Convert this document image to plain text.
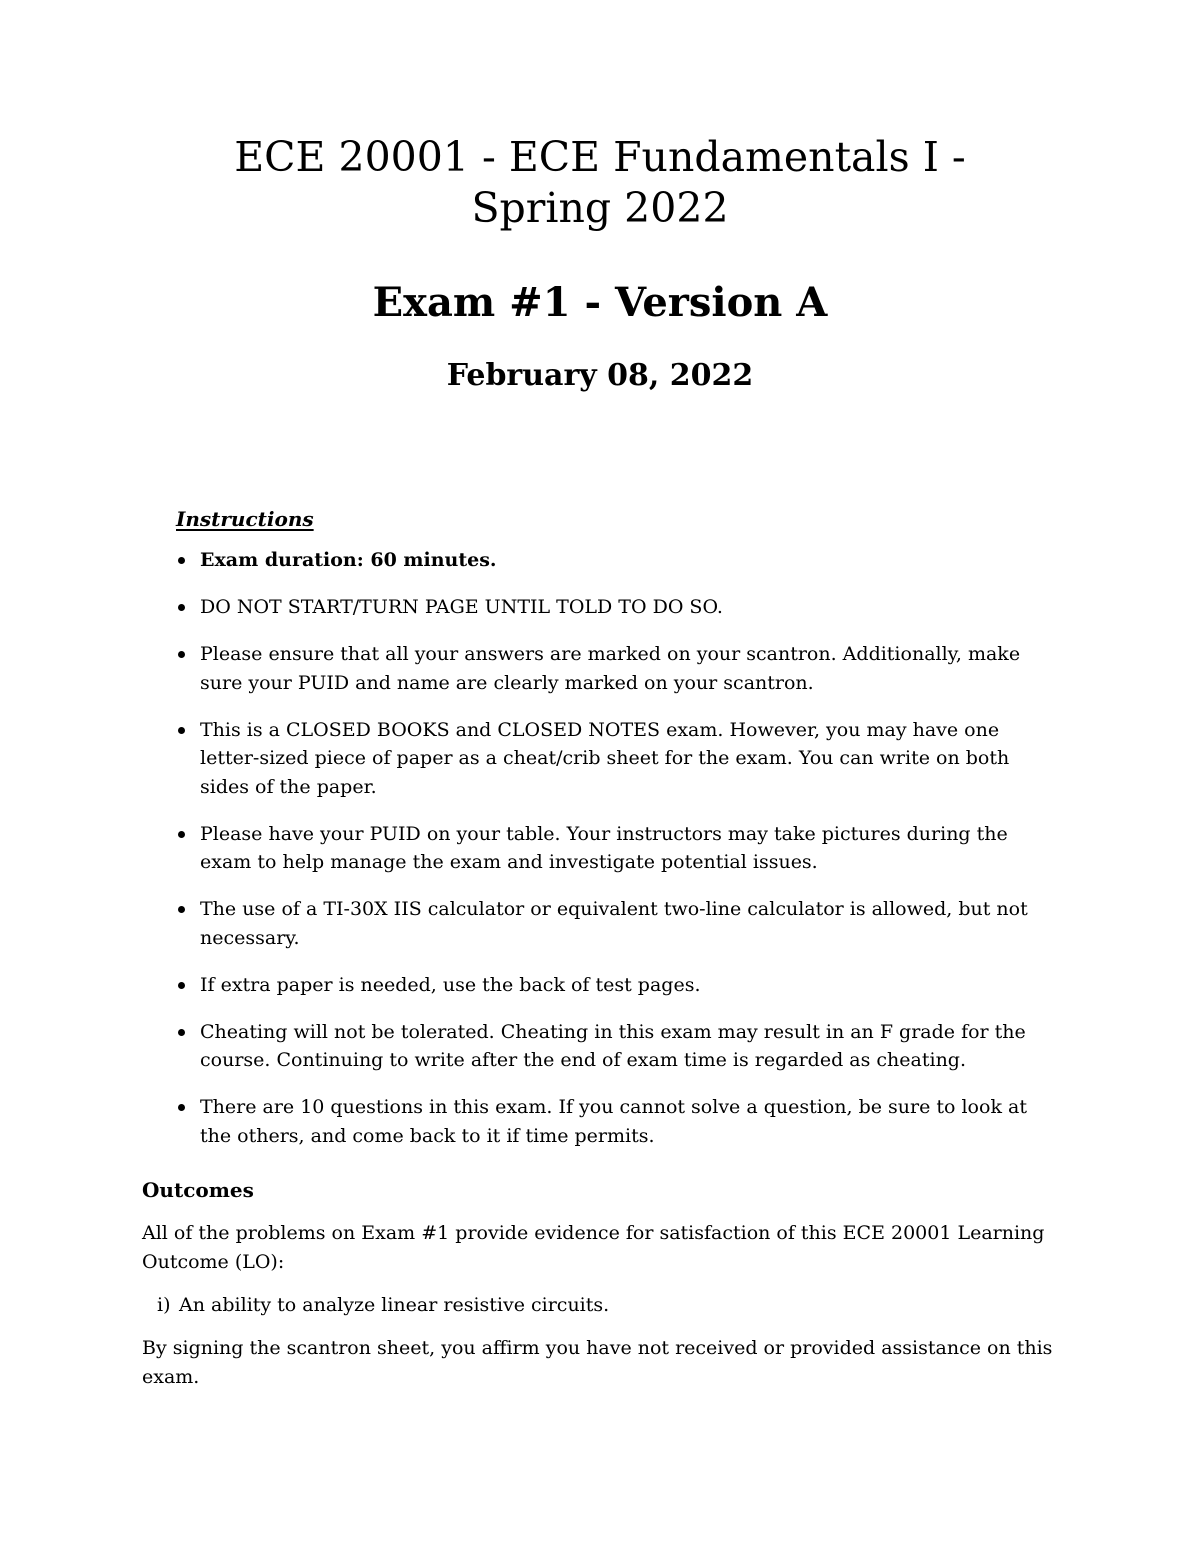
ECE 20001 - ECE Fundamentals I - Spring 2022
Exam #1 - Version A
February 08, 2022
Instructions
Exam duration: 60 minutes.
DO NOT START/TURN PAGE UNTIL TOLD TO DO SO.
Please ensure that all your answers are marked on your scantron. Additionally, make sure your PUID and name are clearly marked on your scantron.
This is a CLOSED BOOKS and CLOSED NOTES exam. However, you may have one letter-sized piece of paper as a cheat/crib sheet for the exam. You can write on both sides of the paper.
Please have your PUID on your table. Your instructors may take pictures during the exam to help manage the exam and investigate potential issues.
The use of a TI-30X IIS calculator or equivalent two-line calculator is allowed, but not necessary.
If extra paper is needed, use the back of test pages.
Cheating will not be tolerated. Cheating in this exam may result in an F grade for the course. Continuing to write after the end of exam time is regarded as cheating.
There are 10 questions in this exam. If you cannot solve a question, be sure to look at the others, and come back to it if time permits.
Outcomes

All of the problems on Exam #1 provide evidence for satisfaction of this ECE 20001 Learning Outcome (LO):

i) An ability to analyze linear resistive circuits.

By signing the scantron sheet, you affirm you have not received or provided assistance on this exam.
